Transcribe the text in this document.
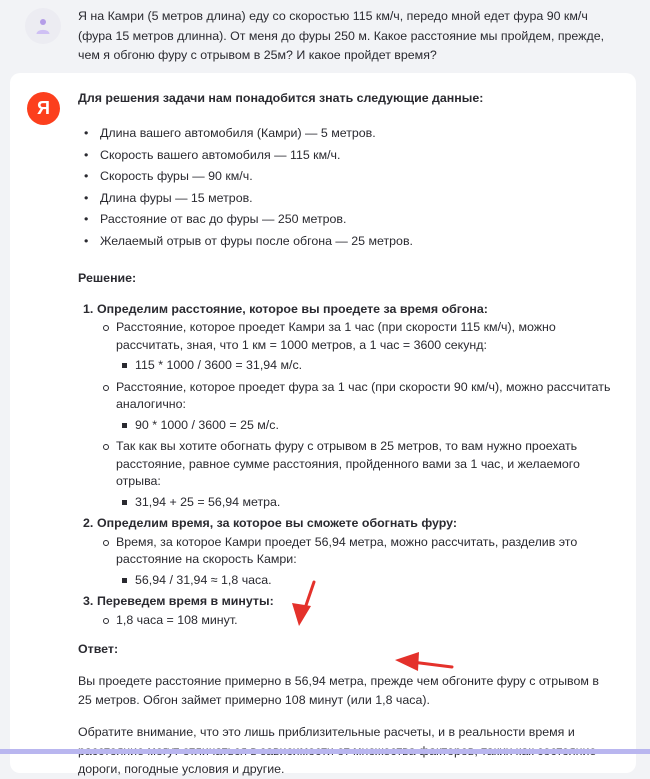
Я на Камри (5 метров длина) еду со скоростью 115 км/ч, передо мной едет фура 90 км/ч (фура 15 метров длинна). От меня до фуры 250 м. Какое расстояние мы пройдем, прежде, чем я обгоню фуру с отрывом в 25м? И какое пройдет время?

Я	Для решения задачи нам понадобится знать следующие данные:

• Длина вашего автомобиля (Камри) — 5 метров.
• Скорость вашего автомобиля — 115 км/ч.
• Скорость фуры — 90 км/ч.
• Длина фуры — 15 метров.
• Расстояние от вас до фуры — 250 метров.
• Желаемый отрыв от фуры после обгона — 25 метров.

Решение:

1. Определим расстояние, которое вы проедете за время обгона:
Расстояние, которое проедет Камри за 1 час (при скорости 115 км/ч), можно рассчитать, зная, что 1 км = 1000 метров, а 1 час = 3600 секунд:
115 * 1000 / 3600 = 31,94 м/с.
Расстояние, которое проедет фура за 1 час (при скорости 90 км/ч), можно рассчитать аналогично:
90 * 1000 / 3600 = 25 м/с.
Так как вы хотите обогнать фуру с отрывом в 25 метров, то вам нужно проехать расстояние, равное сумме расстояния, пройденного вами за 1 час, и желаемого отрыва:
31,94 + 25 = 56,94 метра.
2. Определим время, за которое вы сможете обогнать фуру:
Время, за которое Камри проедет 56,94 метра, можно рассчитать, разделив это расстояние на скорость Камри:
56,94 / 31,94 ≈ 1,8 часа.
3. Переведем время в минуты:
1,8 часа = 108 минут.

Ответ:

Вы проедете расстояние примерно в 56,94 метра, прежде чем обгоните фуру с отрывом в 25 метров. Обгон займет примерно 108 минут (или 1,8 часа).

Обратите внимание, что это лишь приблизительные расчеты, и в реальности время и дороги, погодные условия и другие.
